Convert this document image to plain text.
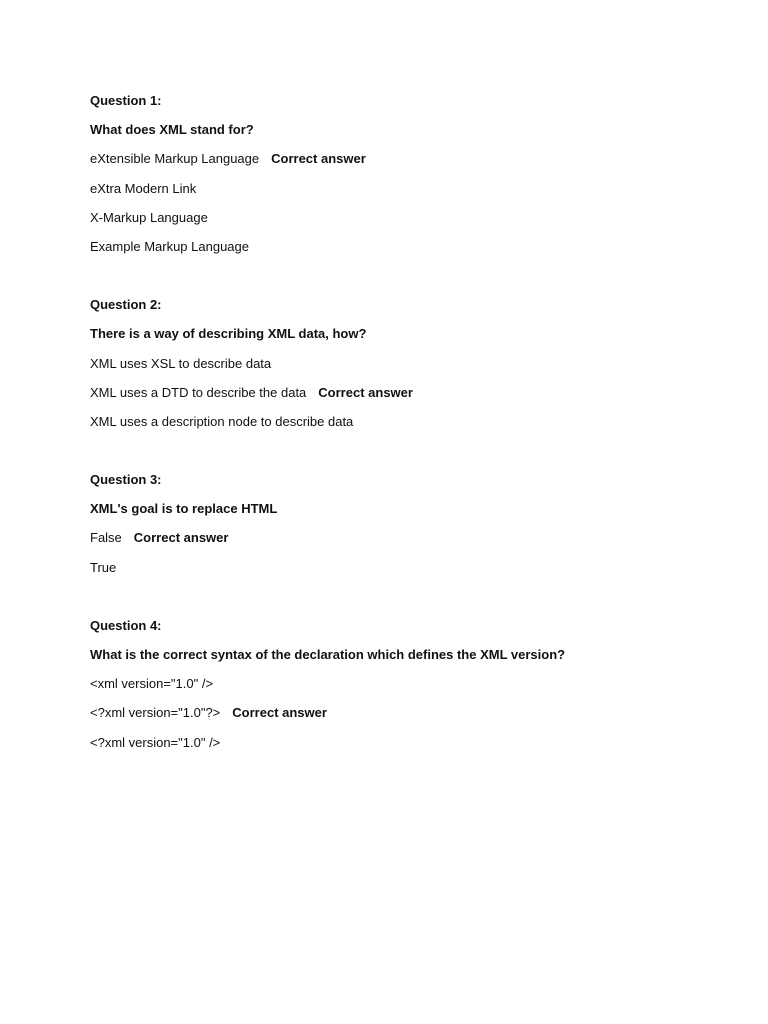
Question 1:
What does XML stand for?
eXtensible Markup Language Correct answer
eXtra Modern Link
X-Markup Language
Example Markup Language
Question 2:
There is a way of describing XML data, how?
XML uses XSL to describe data
XML uses a DTD to describe the data Correct answer
XML uses a description node to describe data
Question 3:
XML's goal is to replace HTML
False Correct answer
True
Question 4:
What is the correct syntax of the declaration which defines the XML version?
<xml version="1.0" />
<?xml version="1.0"?> Correct answer
<?xml version="1.0" />
